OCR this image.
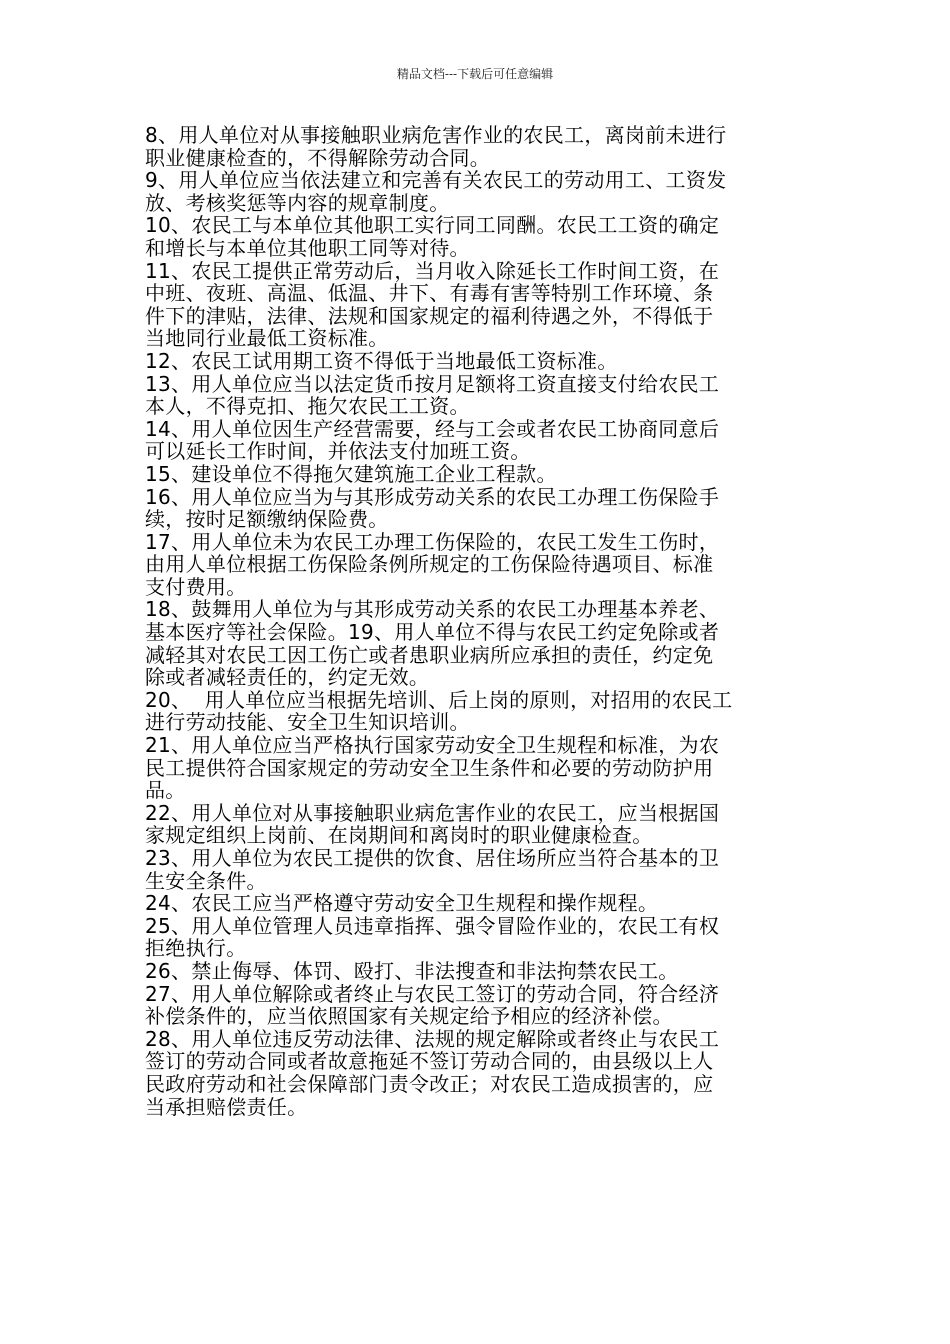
精品文档---下载后可任意编辑

8、用人单位对从事接触职业病危害作业的农民工，离岗前未进行
职业健康检查的，不得解除劳动合同。

9、用人单位应当依法建立和完善有关农民工的劳动用工、工资发
放、考核奖惩等内容的规章制度。

10、农民工与本单位其他职工实行同工同酬。农民工工资的确定
和增长与本单位其他职工同等对待。

11、农民工提供正常劳动后，当月收入除延长工作时间工资，在
中班、夜班、高温、低温、井下、有毒有害等特别工作环境、条
件下的津贴，法律、法规和国家规定的福利待遇之外，不得低于
当地同行业最低工资标准。

12、农民工试用期工资不得低于当地最低工资标准。

13、用人单位应当以法定货币按月足额将工资直接支付给农民工
本人，不得克扣、拖欠农民工工资。

14、用人单位因生产经营需要，经与工会或者农民工协商同意后
可以延长工作时间，并依法支付加班工资。

15、建设单位不得拖欠建筑施工企业工程款。

16、用人单位应当为与其形成劳动关系的农民工办理工伤保险手
续，按时足额缴纳保险费。

17、用人单位未为农民工办理工伤保险的，农民工发生工伤时，
由用人单位根据工伤保险条例所规定的工伤保险待遇项目、标准
支付费用。

18、鼓舞用人单位为与其形成劳动关系的农民工办理基本养老、
基本医疗等社会保险。19、用人单位不得与农民工约定免除或者
减轻其对农民工因工伤亡或者患职业病所应承担的责任，约定免
除或者减轻责任的，约定无效。

20、  用人单位应当根据先培训、后上岗的原则，对招用的农民工
进行劳动技能、安全卫生知识培训。

21、用人单位应当严格执行国家劳动安全卫生规程和标准，为农
民工提供符合国家规定的劳动安全卫生条件和必要的劳动防护用
品。

22、用人单位对从事接触职业病危害作业的农民工，应当根据国
家规定组织上岗前、在岗期间和离岗时的职业健康检查。

23、用人单位为农民工提供的饮食、居住场所应当符合基本的卫
生安全条件。

24、农民工应当严格遵守劳动安全卫生规程和操作规程。

25、用人单位管理人员违章指挥、强令冒险作业的，农民工有权
拒绝执行。

26、禁止侮辱、体罚、殴打、非法搜查和非法拘禁农民工。

27、用人单位解除或者终止与农民工签订的劳动合同，符合经济
补偿条件的，应当依照国家有关规定给予相应的经济补偿。

28、用人单位违反劳动法律、法规的规定解除或者终止与农民工
签订的劳动合同或者故意拖延不签订劳动合同的，由县级以上人
民政府劳动和社会保障部门责令改正；对农民工造成损害的，应
当承担赔偿责任。
